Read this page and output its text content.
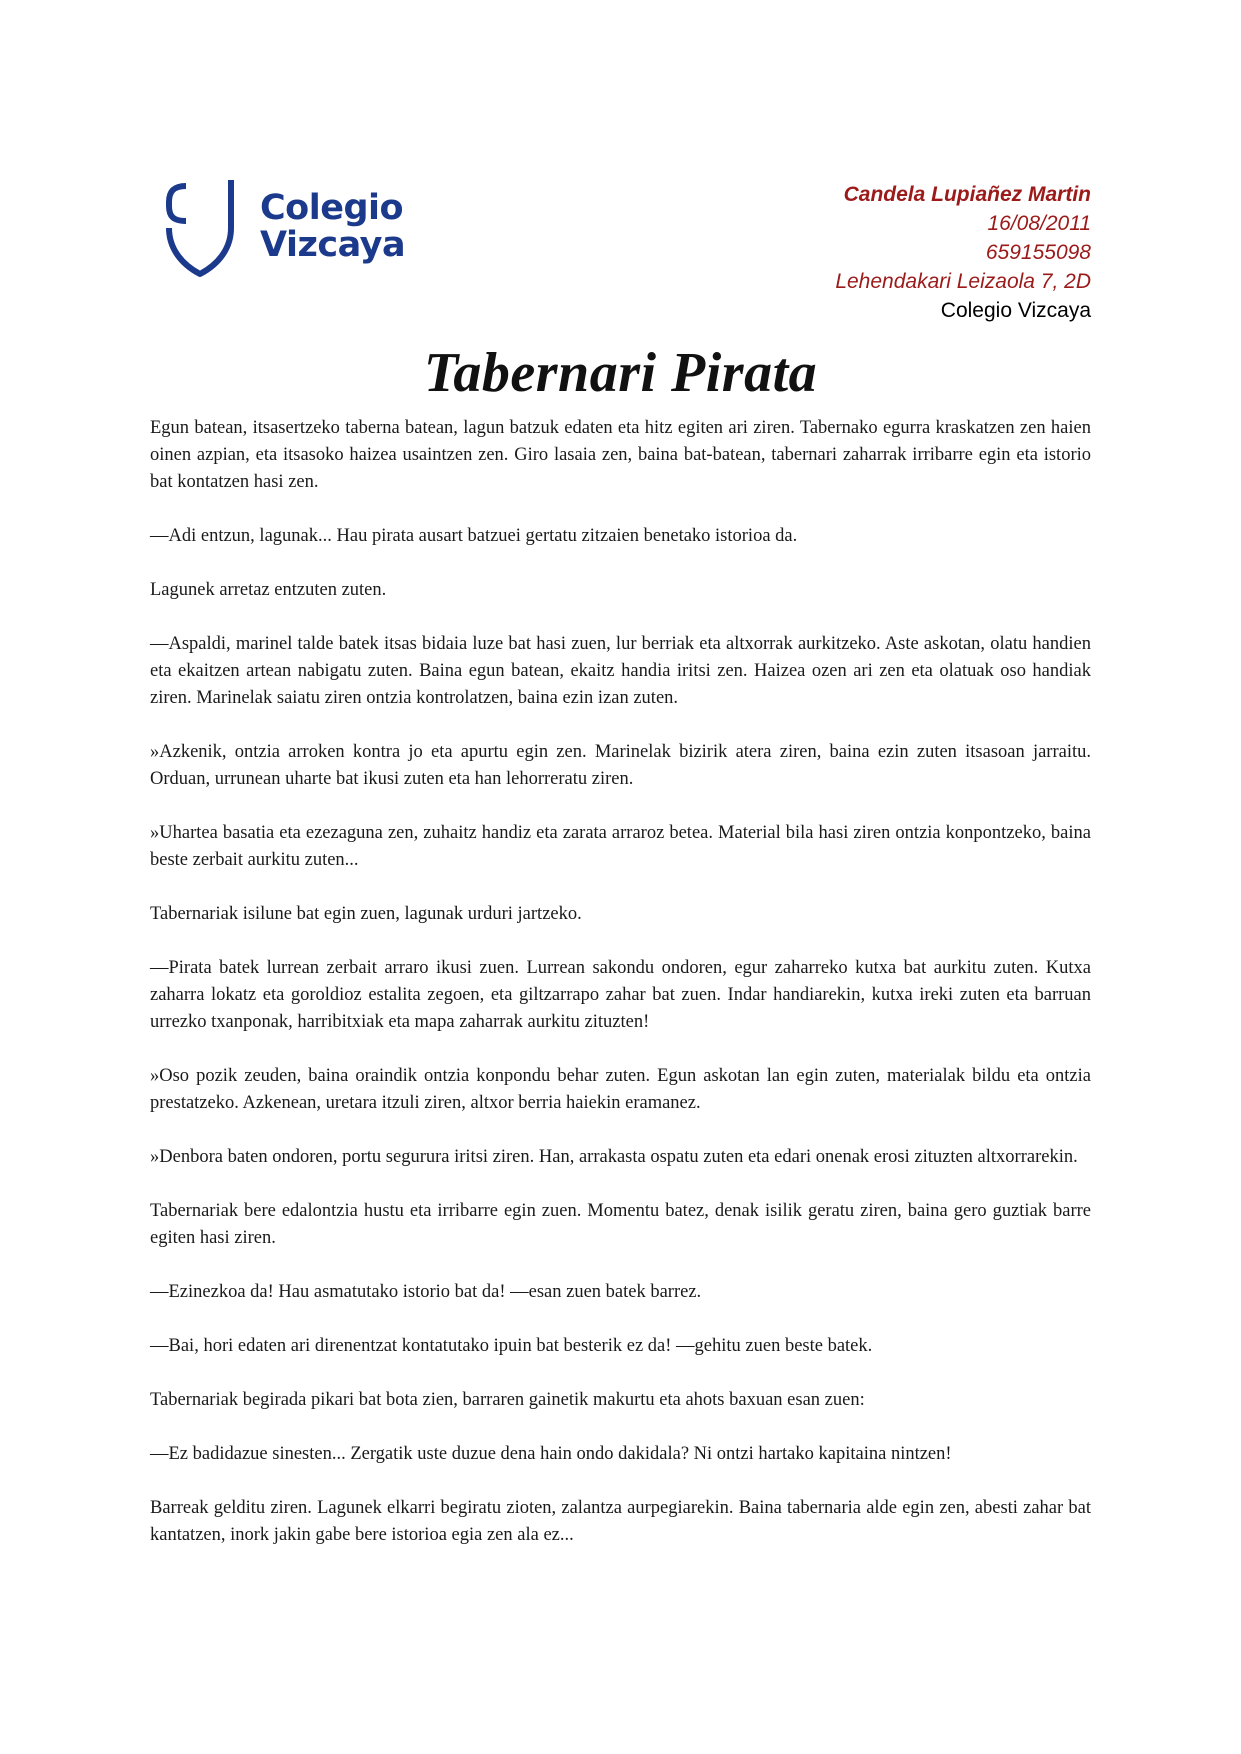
Colegio
Vizcaya
Candela Lupiañez Martin
16/08/2011
659155098
Lehendakari Leizaola 7, 2D
Colegio Vizcaya
Tabernari Pirata

Egun batean, itsasertzeko taberna batean, lagun batzuk edaten eta hitz egiten ari ziren. Tabernako egurra kraskatzen zen haien oinen azpian, eta itsasoko haizea usaintzen zen. Giro lasaia zen, baina bat-batean, tabernari zaharrak irribarre egin eta istorio bat kontatzen hasi zen.

—Adi entzun, lagunak... Hau pirata ausart batzuei gertatu zitzaien benetako istorioa da.

Lagunek arretaz entzuten zuten.

—Aspaldi, marinel talde batek itsas bidaia luze bat hasi zuen, lur berriak eta altxorrak aurkitzeko. Aste askotan, olatu handien eta ekaitzen artean nabigatu zuten. Baina egun batean, ekaitz handia iritsi zen. Haizea ozen ari zen eta olatuak oso handiak ziren. Marinelak saiatu ziren ontzia kontrolatzen, baina ezin izan zuten.

»Azkenik, ontzia arroken kontra jo eta apurtu egin zen. Marinelak bizirik atera ziren, baina ezin zuten itsasoan jarraitu. Orduan, urrunean uharte bat ikusi zuten eta han lehorreratu ziren.

»Uhartea basatia eta ezezaguna zen, zuhaitz handiz eta zarata arraroz betea. Material bila hasi ziren ontzia konpontzeko, baina beste zerbait aurkitu zuten...

Tabernariak isilune bat egin zuen, lagunak urduri jartzeko.

—Pirata batek lurrean zerbait arraro ikusi zuen. Lurrean sakondu ondoren, egur zaharreko kutxa bat aurkitu zuten. Kutxa zaharra lokatz eta goroldioz estalita zegoen, eta giltzarrapo zahar bat zuen. Indar handiarekin, kutxa ireki zuten eta barruan urrezko txanponak, harribitxiak eta mapa zaharrak aurkitu zituzten!

»Oso pozik zeuden, baina oraindik ontzia konpondu behar zuten. Egun askotan lan egin zuten, materialak bildu eta ontzia prestatzeko. Azkenean, uretara itzuli ziren, altxor berria haiekin eramanez.

»Denbora baten ondoren, portu segurura iritsi ziren. Han, arrakasta ospatu zuten eta edari onenak erosi zituzten altxorrarekin.

Tabernariak bere edalontzia hustu eta irribarre egin zuen. Momentu batez, denak isilik geratu ziren, baina gero guztiak barre egiten hasi ziren.

—Ezinezkoa da! Hau asmatutako istorio bat da! —esan zuen batek barrez.

—Bai, hori edaten ari direnentzat kontatutako ipuin bat besterik ez da! —gehitu zuen beste batek.

Tabernariak begirada pikari bat bota zien, barraren gainetik makurtu eta ahots baxuan esan zuen:

—Ez badidazue sinesten... Zergatik uste duzue dena hain ondo dakidala? Ni ontzi hartako kapitaina nintzen!

Barreak gelditu ziren. Lagunek elkarri begiratu zioten, zalantza aurpegiarekin. Baina tabernaria alde egin zen, abesti zahar bat kantatzen, inork jakin gabe bere istorioa egia zen ala ez...
